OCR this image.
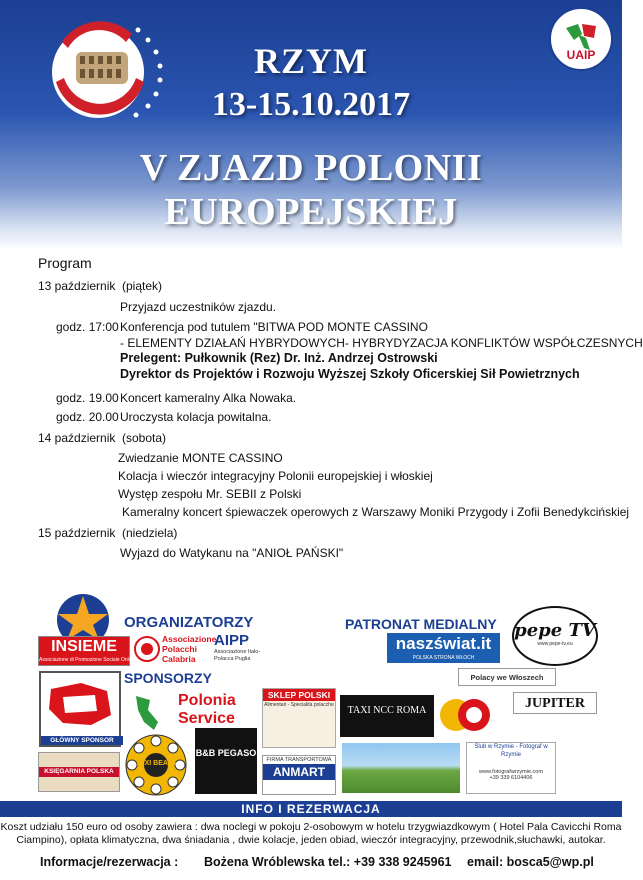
UAIP
RZYM
13-15.10.2017
V ZJAZD POLONII EUROPEJSKIEJ
Program
13 październik (piątek)
Przyjazd uczestników zjazdu.
godz. 17:00 Konferencja pod tutulem "BITWA POD MONTE CASSINO
- ELEMENTY DZIAŁAŃ HYBRYDOWYCH- HYBRYDYZACJA KONFLIKTÓW WSPÓŁCZESNYCH
Prelegent: Pułkownik (Rez) Dr. Inż. Andrzej Ostrowski
Dyrektor ds Projektów i Rozwoju Wyższej Szkoły Oficerskiej Sił Powietrznych
godz. 19.00 Koncert kameralny Alka Nowaka.
godz. 20.00 Uroczysta kolacja powitalna.
14 październik (sobota)
Zwiedzanie MONTE CASSINO
Kolacja i wieczór integracyjny Polonii europejskiej i włoskiej
Występ zespołu Mr. SEBII z Polski
Kameralny koncert śpiewaczek operowych z Warszawy Moniki Przygody i Zofii Benedykcińskiej
15 październik (niedziela)
Wyjazd do Watykanu na "ANIOŁ PAŃSKI"
INSIEME
Associazione di Promozione Sociale Onlus
ORGANIZATORZY
Associazione Polacchi Calabria
AIPP
Associazione Italo-Polacca Puglia
PATRONAT MEDIALNY
naszświat.it
POLSKA STRONA WŁOCH
pepe TV
www.pepe-tv.eu
SPONSORZY
GŁÓWNY SPONSOR
Polonia Service
SKLEP POLSKI
Alimentari - Specialità polacche	TAXI NCC ROMA
Polacy we Włoszech
JUPITER
KSIĘGARNIA POLSKA
TAXI BEATA
B&B PEGASO
FIRMA TRANSPORTOWA
ANMART
Ślub w Rzymie - Fotograf w Rzymie
www.fotografwrzymie.com
+39 339 6104406
INFO I REZERWACJA
Koszt udziału 150 euro od osoby zawiera : dwa noclegi w pokoju 2-osobowym w hotelu trzygwiazdkowym ( Hotel Pala Cavicchi Roma
Ciampino), opłata klimatyczna, dwa śniadania , dwie kolacje, jeden obiad, wieczór integracyjny, przewodnik,słuchawki, autokar.
Informacje/rezerwacja : Bożena Wróblewska tel.: +39 338 9245961 email: bosca5@wp.pl
